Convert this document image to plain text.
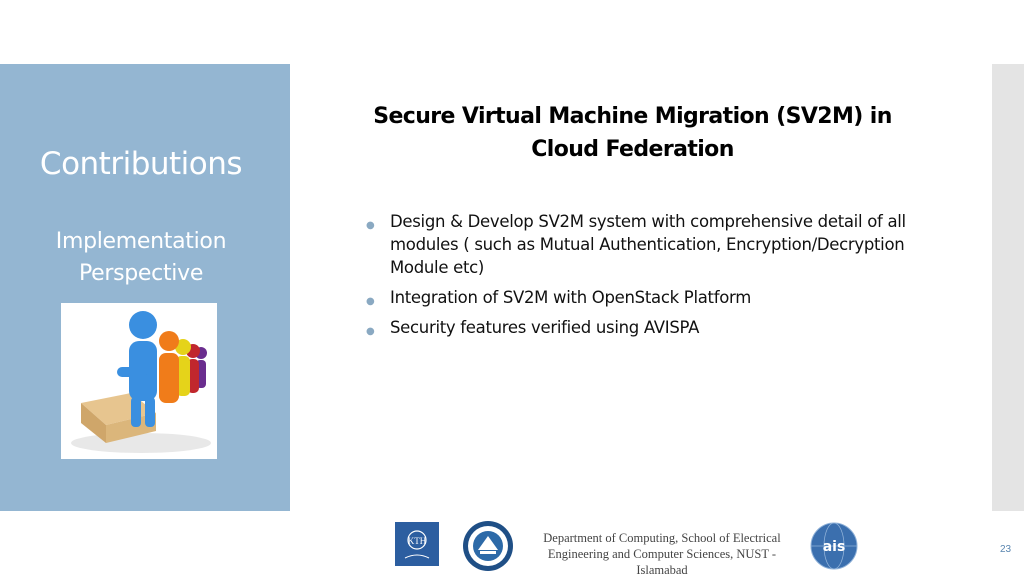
Contributions
Implementation Perspective
Secure Virtual Machine Migration (SV2M) in Cloud Federation
● Design & Develop SV2M system with comprehensive detail of all modules ( such as Mutual Authentication, Encryption/Decryption Module etc)
● Integration of SV2M with OpenStack Platform
● Security features verified using AVISPA
KTH	Department of Computing, School of Electrical Engineering and Computer Sciences, NUST - Islamabad
ais	23
